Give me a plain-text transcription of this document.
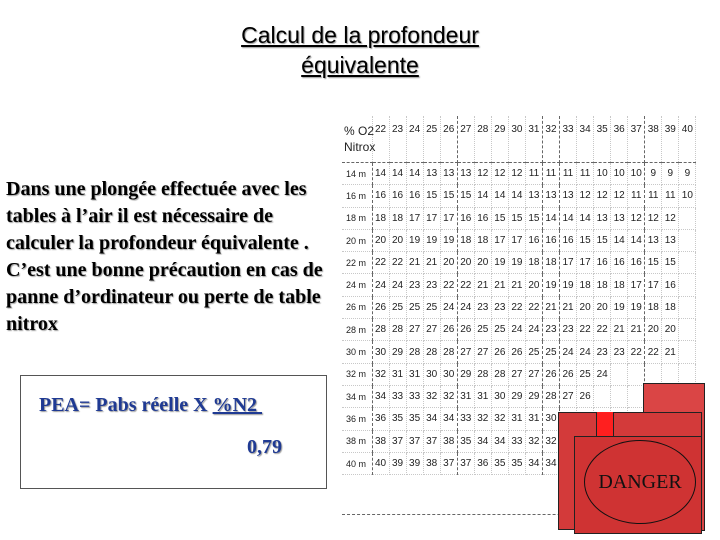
Calcul de la profondeur
équivalente
Dans une plongée effectuée avec les tables à l’air il est nécessaire de calculer la profondeur équivalente . C’est une bonne précaution en cas de panne d’ordinateur ou perte de table nitrox
PEA= Pabs réelle X %N2
0,79
% O2
Nitrox	22	23	24	25	26	27	28	29	30	31	32	33	34	35	36	37	38	39	40
14 m	14	14	14	13	13	13	12	12	12	11	11	11	11	10	10	10	9	9	9
16 m	16	16	16	15	15	15	14	14	14	13	13	13	12	12	12	11	11	11	10
18 m	18	18	17	17	17	16	16	15	15	15	14	14	14	13	13	12	12	12	
20 m	20	20	19	19	19	18	18	17	17	16	16	16	15	15	14	14	13	13	
22 m	22	22	21	21	20	20	20	19	19	18	18	17	17	16	16	16	15	15	
24 m	24	24	23	23	22	22	21	21	21	20	19	19	18	18	18	17	17	16	
26 m	26	25	25	25	24	24	23	23	22	22	21	21	20	20	19	19	18	18	
28 m	28	28	27	27	26	26	25	25	24	24	23	23	22	22	21	21	20	20	
30 m	30	29	28	28	28	27	27	26	26	25	25	24	24	23	23	22	22	21	
32 m	32	31	31	30	30	29	28	28	27	27	26	26	25	24					
34 m	34	33	33	32	32	31	31	30	29	29	28	27	26						
36 m	36	35	35	34	34	33	32	32	31	31	30								
38 m	38	37	37	37	38	35	34	34	33	32	32								
40 m	40	39	39	38	37	37	36	35	35	34	34								
DANGER
